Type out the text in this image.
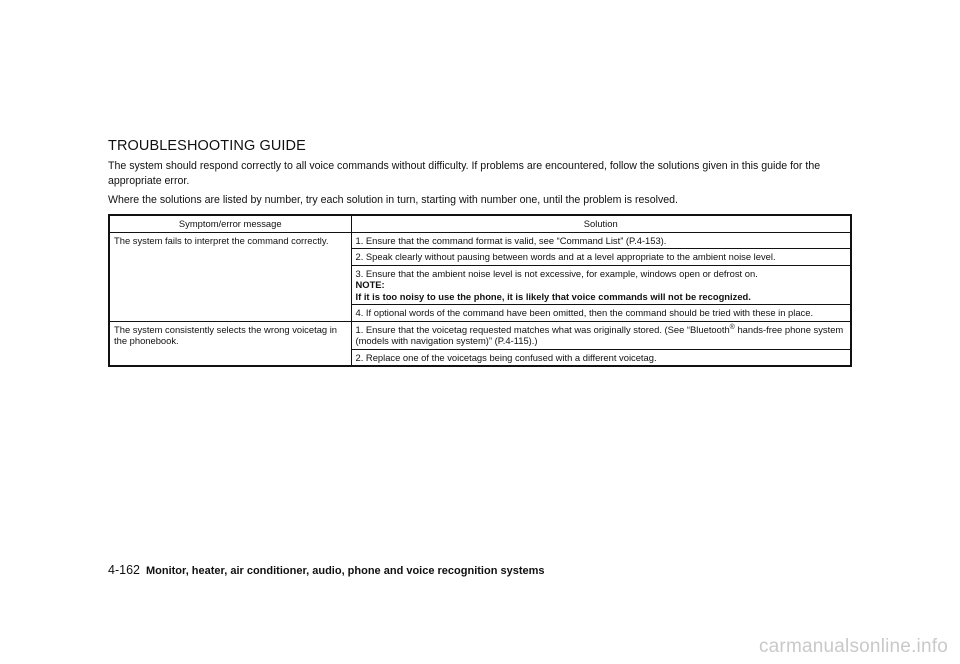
TROUBLESHOOTING GUIDE

The system should respond correctly to all voice commands without difficulty. If problems are encountered, follow the solutions given in this guide for the appropriate error.

Where the solutions are listed by number, try each solution in turn, starting with number one, until the problem is resolved.

Symptom/error message	Solution
The system fails to interpret the command correctly.	1. Ensure that the command format is valid, see “Command List” (P.4-153).
	2. Speak clearly without pausing between words and at a level appropriate to the ambient noise level.
	3. Ensure that the ambient noise level is not excessive, for example, windows open or defrost on.
NOTE:
If it is too noisy to use the phone, it is likely that voice commands will not be recognized.

	4. If optional words of the command have been omitted, then the command should be tried with these in place.
The system consistently selects the wrong voicetag in the phonebook.	1. Ensure that the voicetag requested matches what was originally stored. (See “Bluetooth® hands-free phone system (models with navigation system)” (P.4-115).)
	2. Replace one of the voicetags being confused with a different voicetag.
4-162 Monitor, heater, air conditioner, audio, phone and voice recognition systems
carmanualsonline.info
